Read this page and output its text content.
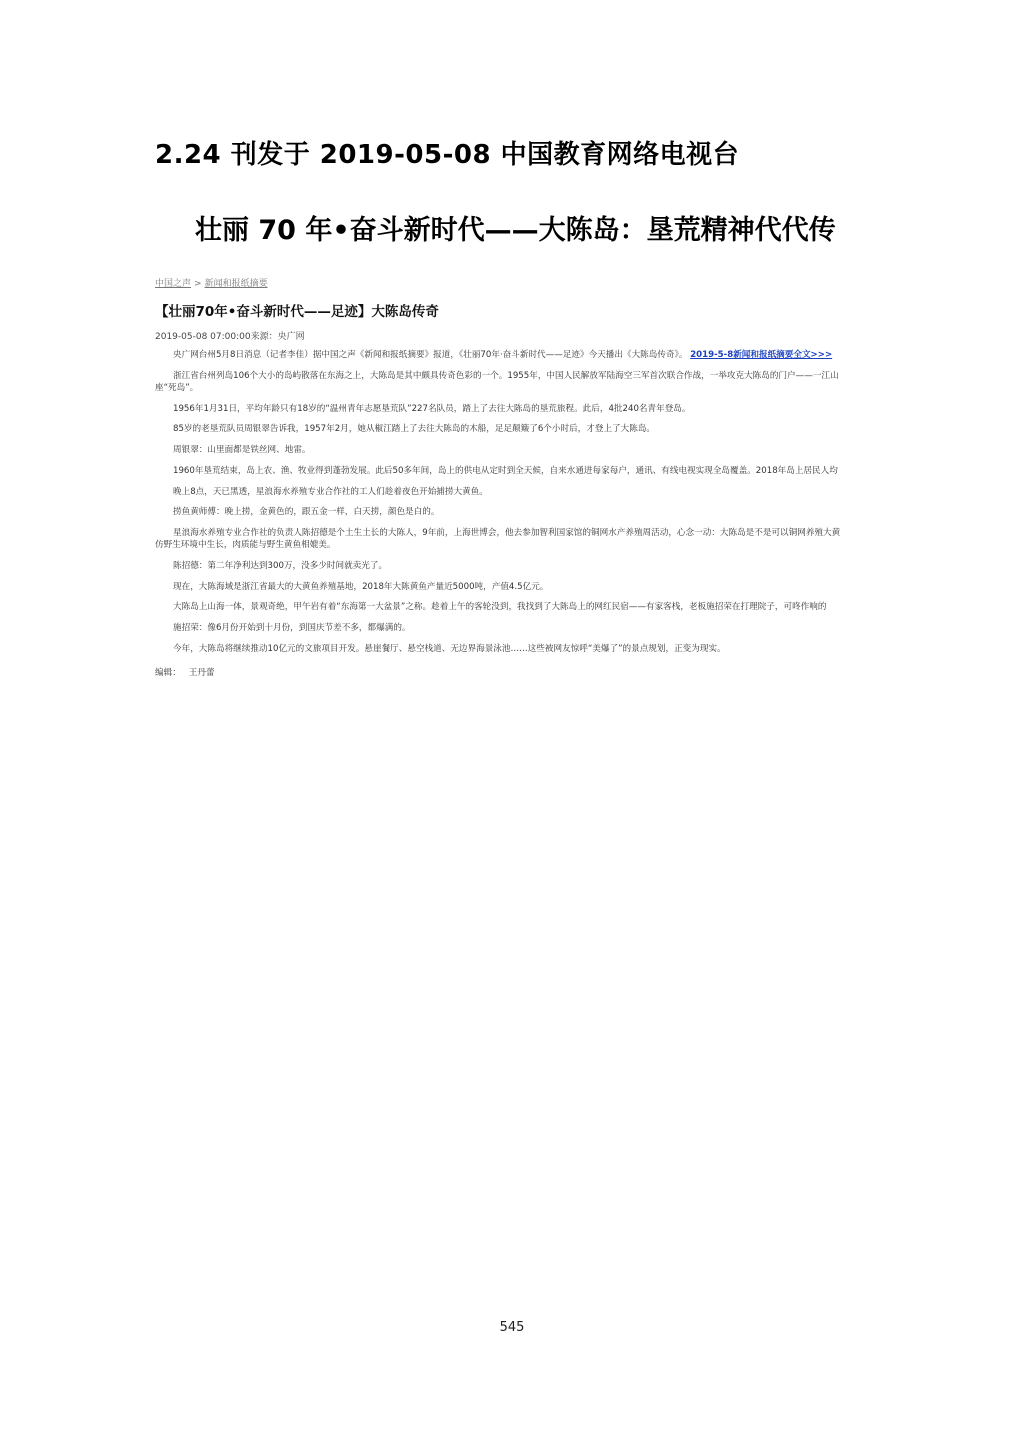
2.24 刊发于 2019-05-08 中国教育网络电视台
壮丽 70 年•奋斗新时代——大陈岛：垦荒精神代代传
中国之声 > 新闻和报纸摘要
【壮丽70年•奋斗新时代——足迹】大陈岛传奇
2019-05-08 07:00:00来源：央广网
央广网台州5月8日消息（记者李佳）据中国之声《新闻和报纸摘要》报道，《壮丽70年·奋斗新时代——足迹》今天播出《大陈岛传奇》。 2019-5-8新闻和报纸摘要全文>>>
浙江省台州列岛106个大小的岛屿散落在东海之上，大陈岛是其中颇具传奇色彩的一个。1955年，中国人民解放军陆海空三军首次联合作战，一举攻克大陈岛的门户——一江山
座“死岛”。
1956年1月31日，平均年龄只有18岁的“温州青年志愿垦荒队”227名队员，踏上了去往大陈岛的垦荒旅程。此后，4批240名青年登岛。
85岁的老垦荒队员周银翠告诉我，1957年2月，她从椒江踏上了去往大陈岛的木船，足足颠簸了6个小时后，才登上了大陈岛。
周银翠：山里面都是铁丝网、地雷。
1960年垦荒结束，岛上农、渔、牧业得到蓬勃发展。此后50多年间，岛上的供电从定时到全天候，自来水通进每家每户，通讯、有线电视实现全岛覆盖。2018年岛上居民人均
晚上8点，天已黑透，星浪海水养殖专业合作社的工人们趁着夜色开始捕捞大黄鱼。
捞鱼黄师傅：晚上捞，金黄色的，跟五金一样，白天捞，颜色是白的。
星浪海水养殖专业合作社的负责人陈招德是个土生土长的大陈人，9年前，上海世博会，他去参加智利国家馆的铜网水产养殖周活动，心念一动：大陈岛是不是可以铜网养殖大黄
仿野生环境中生长，肉质能与野生黄鱼相媲美。
陈招德：第二年净利达到300万，没多少时间就卖光了。
现在，大陈海域是浙江省最大的大黄鱼养殖基地，2018年大陈黄鱼产量近5000吨，产值4.5亿元。
大陈岛上山海一体，景观奇绝，甲午岩有着“东海第一大盆景”之称。趁着上午的客轮没到，我找到了大陈岛上的网红民宿——有家客栈，老板施招荣在打理院子，可咚作响的
施招荣：像6月份开始到十月份，到国庆节差不多，都爆满的。
今年，大陈岛将继续推动10亿元的文旅项目开发。悬崖餐厅、悬空栈道、无边界海景泳池……这些被网友惊呼“美爆了”的景点规划，正变为现实。
编辑： 王丹蕾
545
